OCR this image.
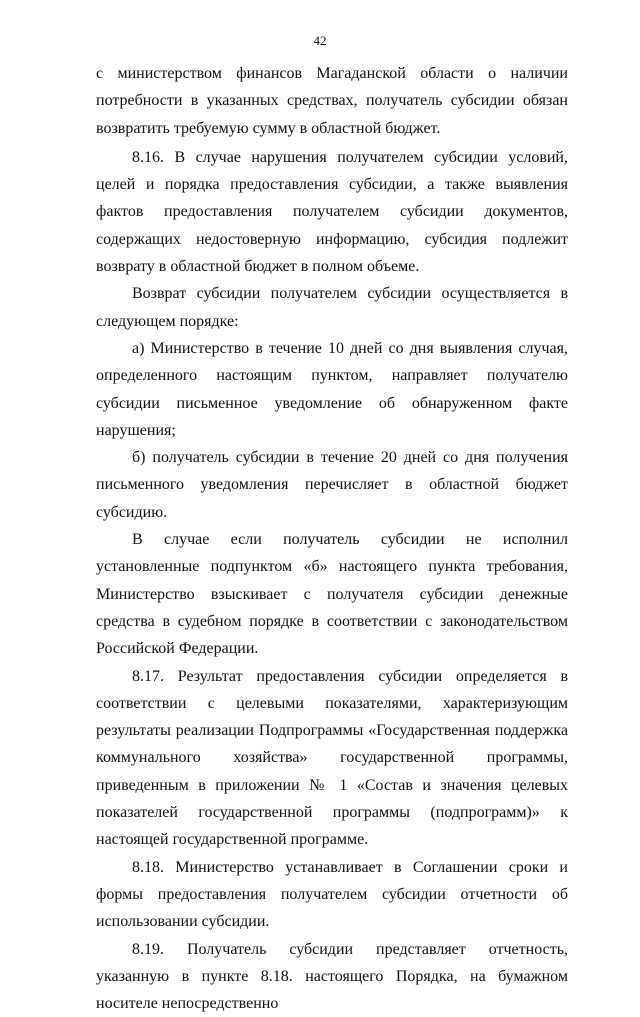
42

с министерством финансов Магаданской области о наличии потребности в указанных средствах, получатель субсидии обязан возвратить требуемую сумму в областной бюджет.

8.16. В случае нарушения получателем субсидии условий, целей и порядка предоставления субсидии, а также выявления фактов предоставления получателем субсидии документов, содержащих недостоверную информацию, субсидия подлежит возврату в областной бюджет в полном объеме.

Возврат субсидии получателем субсидии осуществляется в следующем порядке:

а) Министерство в течение 10 дней со дня выявления случая, определенного настоящим пунктом, направляет получателю субсидии письменное уведомление об обнаруженном факте нарушения;

б) получатель субсидии в течение 20 дней со дня получения письменного уведомления перечисляет в областной бюджет субсидию.

В случае если получатель субсидии не исполнил установленные подпунктом «б» настоящего пункта требования, Министерство взыскивает с получателя субсидии денежные средства в судебном порядке в соответствии с законодательством Российской Федерации.

8.17. Результат предоставления субсидии определяется в соответствии с целевыми показателями, характеризующим результаты реализации Подпрограммы «Государственная поддержка коммунального хозяйства» государственной программы, приведенным в приложении № 1 «Состав и значения целевых показателей государственной программы (подпрограмм)» к настоящей государственной программе.

8.18. Министерство устанавливает в Соглашении сроки и формы предоставления получателем субсидии отчетности об использовании субсидии.

8.19. Получатель субсидии представляет отчетность, указанную в пункте 8.18. настоящего Порядка, на бумажном носителе непосредственно
